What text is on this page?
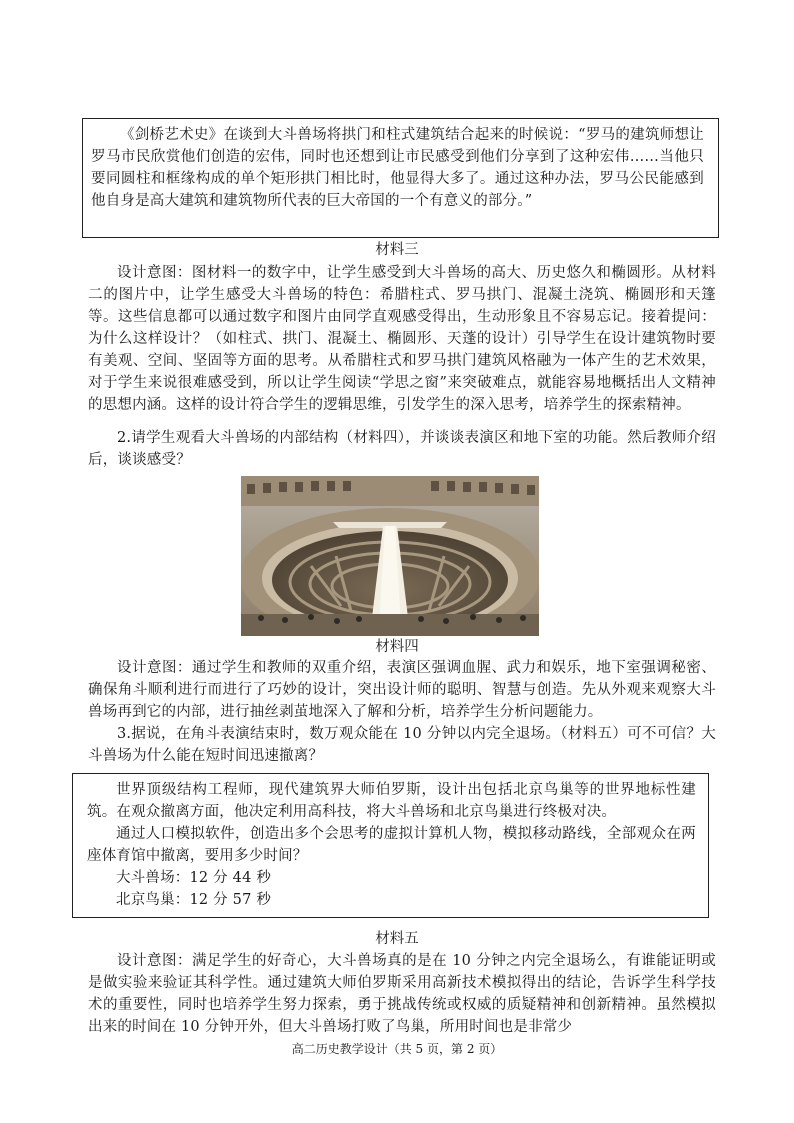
《剑桥艺术史》在谈到大斗兽场将拱门和柱式建筑结合起来的时候说：“罗马的建筑师想让罗马市民欣赏他们创造的宏伟，同时也还想到让市民感受到他们分享到了这种宏伟……当他只要同圆柱和框缘构成的单个矩形拱门相比时，他显得大多了。通过这种办法，罗马公民能感到他自身是高大建筑和建筑物所代表的巨大帝国的一个有意义的部分。”

材料三

设计意图：图材料一的数字中，让学生感受到大斗兽场的高大、历史悠久和椭圆形。从材料二的图片中，让学生感受大斗兽场的特色：希腊柱式、罗马拱门、混凝土浇筑、椭圆形和天篷等。这些信息都可以通过数字和图片由同学直观感受得出，生动形象且不容易忘记。接着提问：为什么这样设计？（如柱式、拱门、混凝土、椭圆形、天蓬的设计）引导学生在设计建筑物时要有美观、空间、坚固等方面的思考。从希腊柱式和罗马拱门建筑风格融为一体产生的艺术效果，对于学生来说很难感受到，所以让学生阅读“学思之窗”来突破难点，就能容易地概括出人文精神的思想内涵。这样的设计符合学生的逻辑思维，引发学生的深入思考，培养学生的探索精神。

2.请学生观看大斗兽场的内部结构（材料四），并谈谈表演区和地下室的功能。然后教师介绍后，谈谈感受？

材料四

设计意图：通过学生和教师的双重介绍，表演区强调血腥、武力和娱乐，地下室强调秘密、确保角斗顺利进行而进行了巧妙的设计，突出设计师的聪明、智慧与创造。先从外观来观察大斗兽场再到它的内部，进行抽丝剥茧地深入了解和分析，培养学生分析问题能力。

3.据说，在角斗表演结束时，数万观众能在 10 分钟以内完全退场。（材料五）可不可信？大斗兽场为什么能在短时间迅速撤离？

世界顶级结构工程师，现代建筑界大师伯罗斯，设计出包括北京鸟巢等的世界地标性建筑。在观众撤离方面，他决定利用高科技，将大斗兽场和北京鸟巢进行终极对决。

通过人口模拟软件，创造出多个会思考的虚拟计算机人物，模拟移动路线，全部观众在两座体育馆中撤离，要用多少时间？

大斗兽场：12 分 44 秒

北京鸟巢：12 分 57 秒

材料五

设计意图：满足学生的好奇心，大斗兽场真的是在 10 分钟之内完全退场么，有谁能证明或是做实验来验证其科学性。通过建筑大师伯罗斯采用高新技术模拟得出的结论，告诉学生科学技术的重要性，同时也培养学生努力探索，勇于挑战传统或权威的质疑精神和创新精神。虽然模拟出来的时间在 10 分钟开外，但大斗兽场打败了鸟巢，所用时间也是非常少

高二历史教学设计（共 5 页，第 2 页）
